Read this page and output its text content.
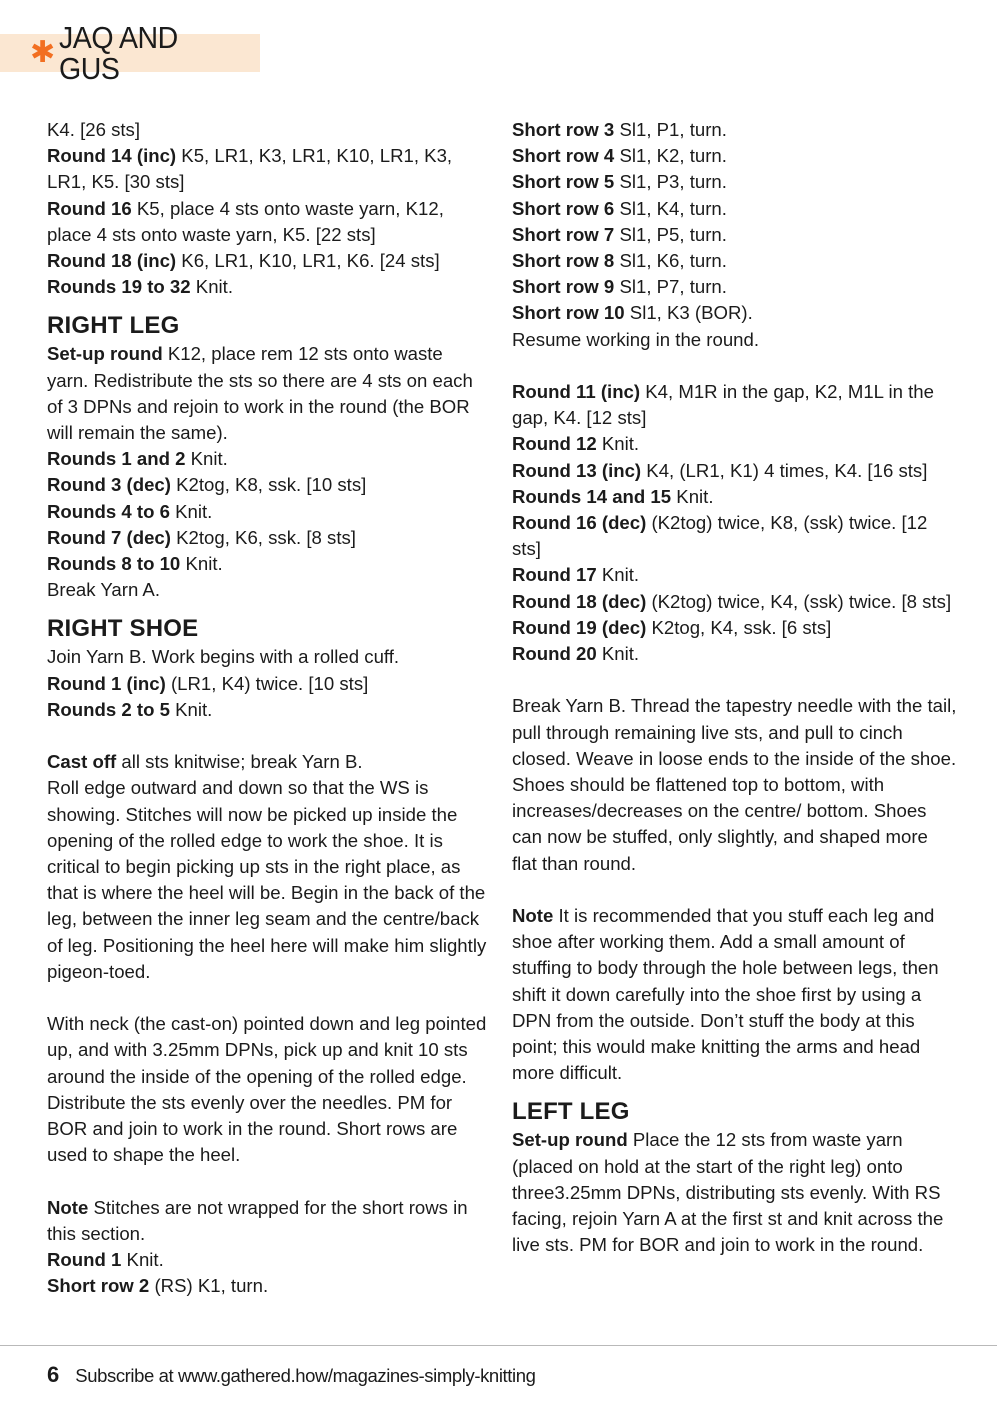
✱ JAQ AND GUS

K4. [26 sts]

Round 14 (inc) K5, LR1, K3, LR1, K10, LR1, K3, LR1, K5. [30 sts]

Round 16 K5, place 4 sts onto waste yarn, K12, place 4 sts onto waste yarn, K5. [22 sts]

Round 18 (inc) K6, LR1, K10, LR1, K6. [24 sts]

Rounds 19 to 32 Knit.

RIGHT LEG

Set-up round K12, place rem 12 sts onto waste yarn. Redistribute the sts so there are 4 sts on each of 3 DPNs and rejoin to work in the round (the BOR will remain the same).

Rounds 1 and 2 Knit.

Round 3 (dec) K2tog, K8, ssk. [10 sts]

Rounds 4 to 6 Knit.

Round 7 (dec) K2tog, K6, ssk. [8 sts]

Rounds 8 to 10 Knit.

Break Yarn A.

RIGHT SHOE

Join Yarn B. Work begins with a rolled cuff.

Round 1 (inc) (LR1, K4) twice. [10 sts]

Rounds 2 to 5 Knit.

Cast off all sts knitwise; break Yarn B.

Roll edge outward and down so that the WS is showing. Stitches will now be picked up inside the opening of the rolled edge to work the shoe. It is critical to begin picking up sts in the right place, as that is where the heel will be. Begin in the back of the leg, between the inner leg seam and the centre/back of leg. Positioning the heel here will make him slightly pigeon-toed.

With neck (the cast-on) pointed down and leg pointed up, and with 3.25mm DPNs, pick up and knit 10 sts around the inside of the opening of the rolled edge. Distribute the sts evenly over the needles. PM for BOR and join to work in the round. Short rows are used to shape the heel.

Note Stitches are not wrapped for the short rows in this section.

Round 1 Knit.

Short row 2 (RS) K1, turn.

Short row 3 Sl1, P1, turn.

Short row 4 Sl1, K2, turn.

Short row 5 Sl1, P3, turn.

Short row 6 Sl1, K4, turn.

Short row 7 Sl1, P5, turn.

Short row 8 Sl1, K6, turn.

Short row 9 Sl1, P7, turn.

Short row 10 Sl1, K3 (BOR).

Resume working in the round.

Round 11 (inc) K4, M1R in the gap, K2, M1L in the gap, K4. [12 sts]

Round 12 Knit.

Round 13 (inc) K4, (LR1, K1) 4 times, K4. [16 sts]

Rounds 14 and 15 Knit.

Round 16 (dec) (K2tog) twice, K8, (ssk) twice. [12 sts]

Round 17 Knit.

Round 18 (dec) (K2tog) twice, K4, (ssk) twice. [8 sts]

Round 19 (dec) K2tog, K4, ssk. [6 sts]

Round 20 Knit.

Break Yarn B. Thread the tapestry needle with the tail, pull through remaining live sts, and pull to cinch closed. Weave in loose ends to the inside of the shoe. Shoes should be flattened top to bottom, with increases/decreases on the centre/ bottom. Shoes can now be stuffed, only slightly, and shaped more flat than round.

Note It is recommended that you stuff each leg and shoe after working them. Add a small amount of stuffing to body through the hole between legs, then shift it down carefully into the shoe first by using a DPN from the outside. Don’t stuff the body at this point; this would make knitting the arms and head more difficult.

LEFT LEG

Set-up round Place the 12 sts from waste yarn (placed on hold at the start of the right leg) onto three3.25mm DPNs, distributing sts evenly. With RS facing, rejoin Yarn A at the first st and knit across the live sts. PM for BOR and join to work in the round.

6 Subscribe at www.gathered.how/magazines-simply-knitting
